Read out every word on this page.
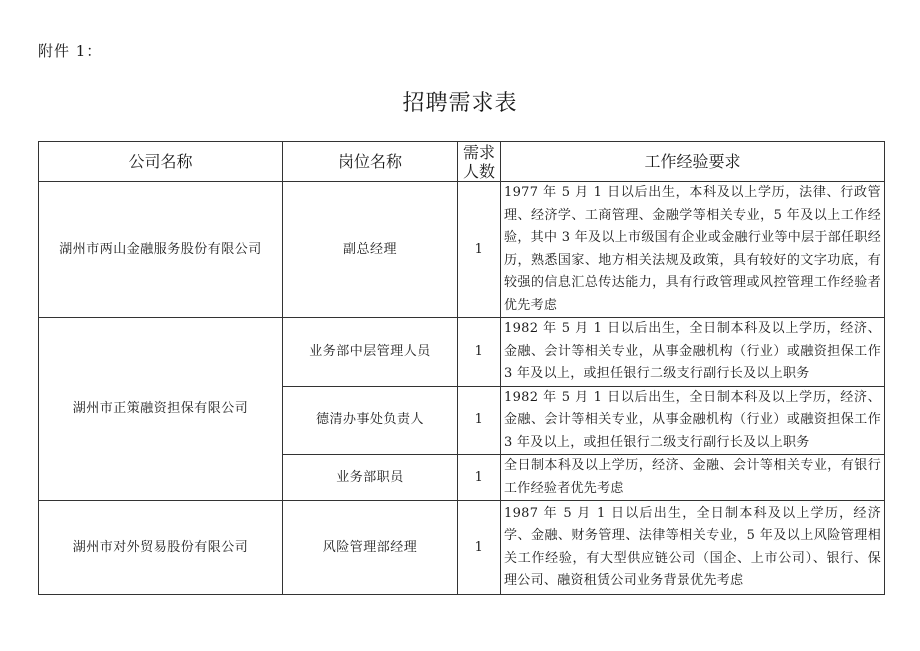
附件 1：
招聘需求表
公司名称	岗位名称	需求人数	工作经验要求
湖州市两山金融服务股份有限公司	副总经理	1	1977 年 5 月 1 日以后出生，本科及以上学历，法律、行政管理、经济学、工商管理、金融学等相关专业，5 年及以上工作经验，其中 3 年及以上市级国有企业或金融行业等中层于部任职经历，熟悉国家、地方相关法规及政策，具有较好的文字功底，有较强的信息汇总传达能力，具有行政管理或风控管理工作经验者优先考虑
湖州市正策融资担保有限公司	业务部中层管理人员	1	1982 年 5 月 1 日以后出生，全日制本科及以上学历，经济、金融、会计等相关专业，从事金融机构（行业）或融资担保工作 3 年及以上，或担任银行二级支行副行长及以上职务
	德清办事处负责人	1	1982 年 5 月 1 日以后出生，全日制本科及以上学历，经济、金融、会计等相关专业，从事金融机构（行业）或融资担保工作 3 年及以上，或担任银行二级支行副行长及以上职务
	业务部职员	1	全日制本科及以上学历，经济、金融、会计等相关专业，有银行工作经验者优先考虑
湖州市对外贸易股份有限公司	风险管理部经理	1	1987 年 5 月 1 日以后出生，全日制本科及以上学历，经济学、金融、财务管理、法律等相关专业，5 年及以上风险管理相关工作经验，有大型供应链公司（国企、上市公司）、银行、保理公司、融资租赁公司业务背景优先考虑
